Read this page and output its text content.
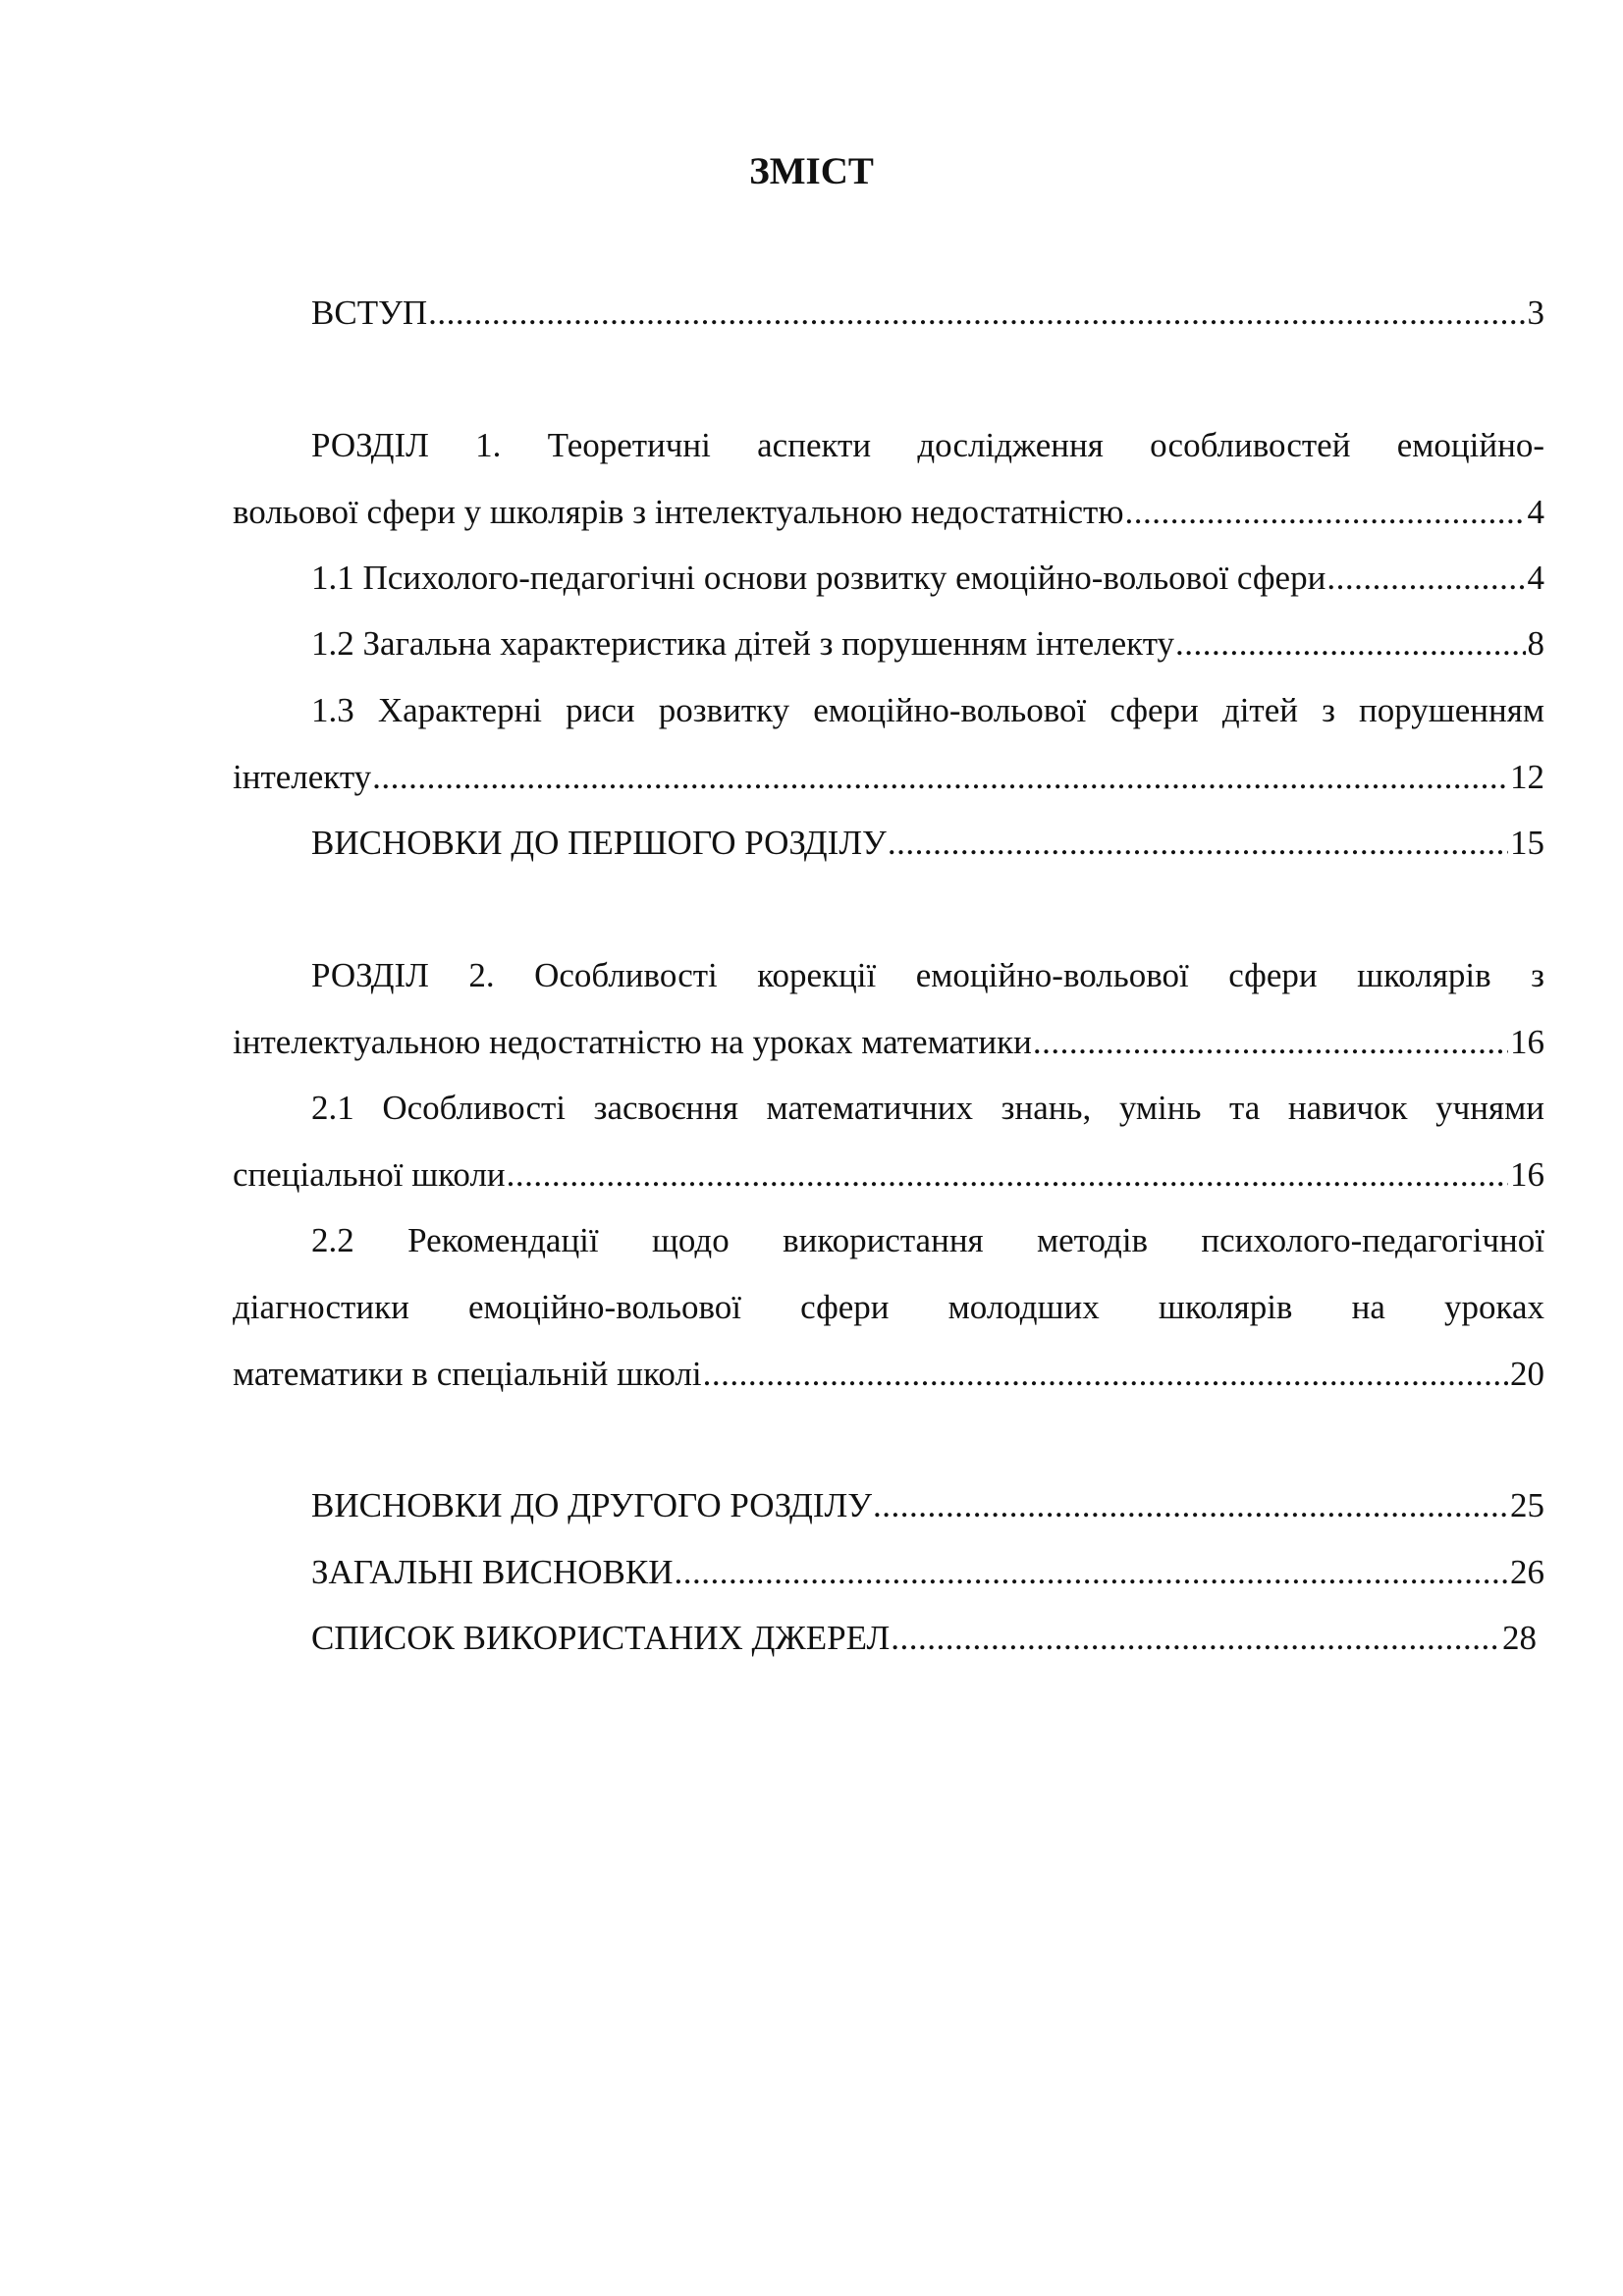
ЗМІСТ
ВСТУП .....	3
РОЗДІЛ 1. Теоретичні аспекти дослідження особливостей емоційно-
вольової сфери у школярів з інтелектуальною недостатністю .....	4
1.1 Психолого-педагогічні основи розвитку емоційно-вольової сфери .....	4
1.2 Загальна характеристика дітей з порушенням інтелекту .....	8
1.3 Характерні риси розвитку емоційно-вольової сфери дітей з порушенням
інтелекту .....	12
ВИСНОВКИ ДО ПЕРШОГО РОЗДІЛУ .....	15
РОЗДІЛ 2. Особливості корекції емоційно-вольової сфери школярів з
інтелектуальною недостатністю на уроках математики .....	16
2.1 Особливості засвоєння математичних знань, умінь та навичок учнями
спеціальної школи .....	16
2.2 Рекомендації щодо використання методів психолого-педагогічної
діагностики емоційно-вольової сфери молодших школярів на уроках
математики в спеціальній школі .....	20
ВИСНОВКИ ДО ДРУГОГО РОЗДІЛУ .....	25
ЗАГАЛЬНІ ВИСНОВКИ .....	26
СПИСОК ВИКОРИСТАНИХ ДЖЕРЕЛ .....	28
